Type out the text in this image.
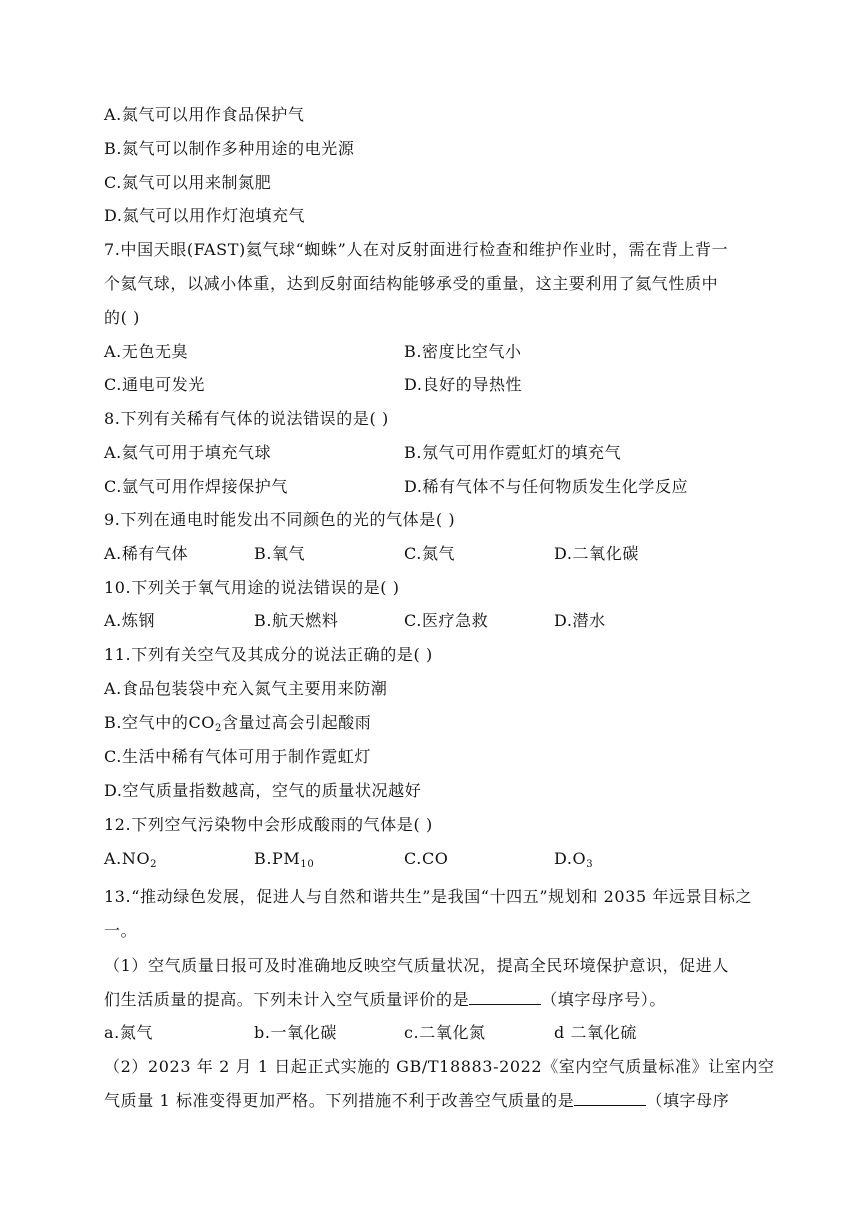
A.氮气可以用作食品保护气
B.氮气可以制作多种用途的电光源
C.氮气可以用来制氮肥
D.氮气可以用作灯泡填充气
7.中国天眼(FAST)氦气球“蜘蛛”人在对反射面进行检查和维护作业时，需在背上背一
个氦气球，以减小体重，达到反射面结构能够承受的重量，这主要利用了氦气性质中
的( )
A.无色无臭	B.密度比空气小
C.通电可发光	D.良好的导热性
8.下列有关稀有气体的说法错误的是( )
A.氦气可用于填充气球	B.氖气可用作霓虹灯的填充气
C.氩气可用作焊接保护气	D.稀有气体不与任何物质发生化学反应
9.下列在通电时能发出不同颜色的光的气体是( )
A.稀有气体	B.氧气	C.氮气	D.二氧化碳
10.下列关于氧气用途的说法错误的是( )
A.炼钢	B.航天燃料	C.医疗急救	D.潜水
11.下列有关空气及其成分的说法正确的是( )
A.食品包装袋中充入氮气主要用来防潮
B.空气中的$CO_2$含量过高会引起酸雨
C.生活中稀有气体可用于制作霓虹灯
D.空气质量指数越高，空气的质量状况越好
12.下列空气污染物中会形成酸雨的气体是( )
$A.NO_2$	$B.PM_{10}$	C.CO	$D.O_3$
13.“推动绿色发展，促进人与自然和谐共生”是我国“十四五”规划和 2035 年远景目标之
一。
（1）空气质量日报可及时准确地反映空气质量状况，提高全民环境保护意识，促进人
们生活质量的提高。下列未计入空气质量评价的是	（填字母序号）。
a.氮气	b.一氧化碳	c.二氧化氮	d 二氧化硫
（2）2023 年 2 月 1 日起正式实施的 GB/T18883-2022《室内空气质量标准》让室内空
气质量 1 标准变得更加严格。下列措施不利于改善空气质量的是	（填字母序
